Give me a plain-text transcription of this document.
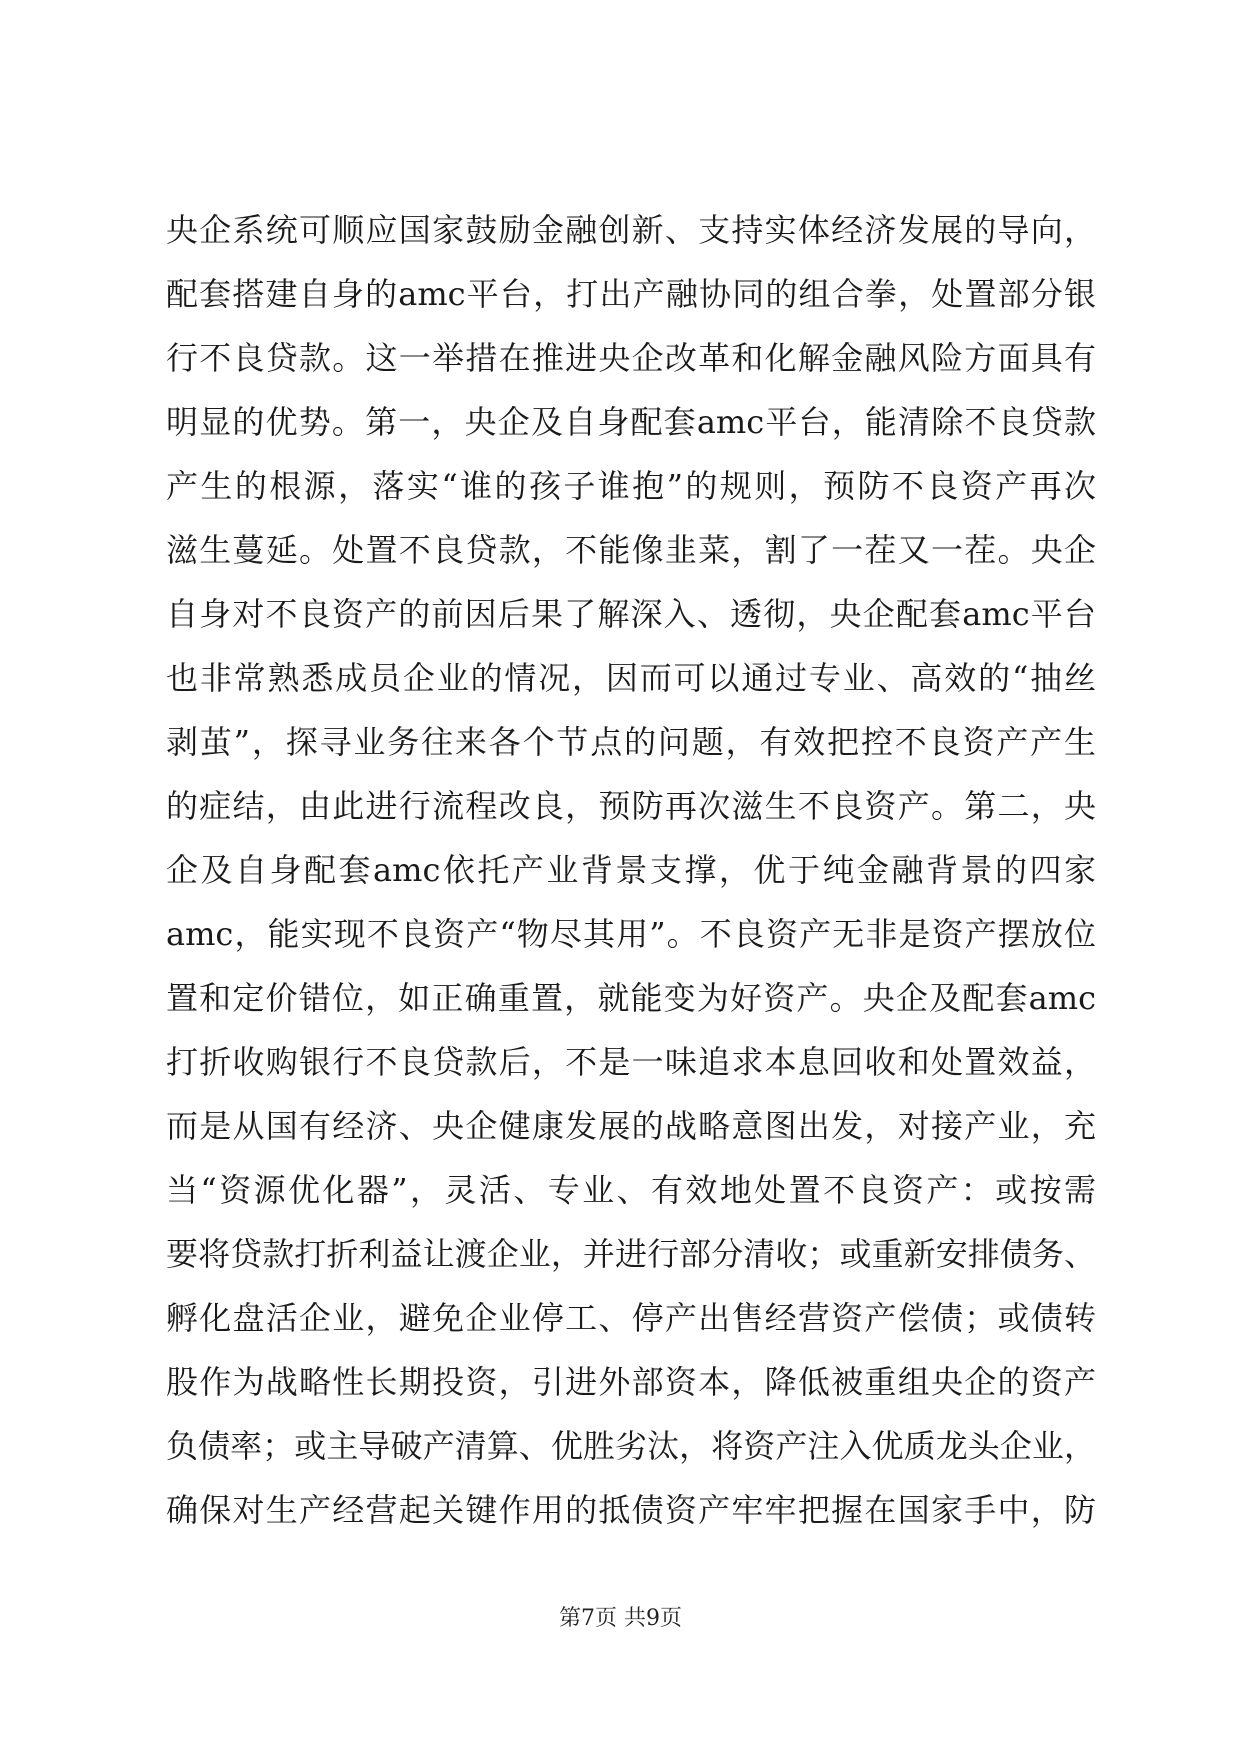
央企系统可顺应国家鼓励金融创新、支持实体经济发展的导向，
配套搭建自身的amc平台，打出产融协同的组合拳，处置部分银
行不良贷款。这一举措在推进央企改革和化解金融风险方面具有
明显的优势。第一，央企及自身配套amc平台，能清除不良贷款
产生的根源，落实“谁的孩子谁抱”的规则，预防不良资产再次
滋生蔓延。处置不良贷款，不能像韭菜，割了一茬又一茬。央企
自身对不良资产的前因后果了解深入、透彻，央企配套amc平台
也非常熟悉成员企业的情况，因而可以通过专业、高效的“抽丝
剥茧”，探寻业务往来各个节点的问题，有效把控不良资产产生
的症结，由此进行流程改良，预防再次滋生不良资产。第二，央
企及自身配套amc依托产业背景支撑，优于纯金融背景的四家
amc，能实现不良资产“物尽其用”。不良资产无非是资产摆放位
置和定价错位，如正确重置，就能变为好资产。央企及配套amc
打折收购银行不良贷款后，不是一味追求本息回收和处置效益，
而是从国有经济、央企健康发展的战略意图出发，对接产业，充
当“资源优化器”，灵活、专业、有效地处置不良资产：或按需
要将贷款打折利益让渡企业，并进行部分清收；或重新安排债务、
孵化盘活企业，避免企业停工、停产出售经营资产偿债；或债转
股作为战略性长期投资，引进外部资本，降低被重组央企的资产
负债率；或主导破产清算、优胜劣汰，将资产注入优质龙头企业，
确保对生产经营起关键作用的抵债资产牢牢把握在国家手中，防
第7页 共9页
